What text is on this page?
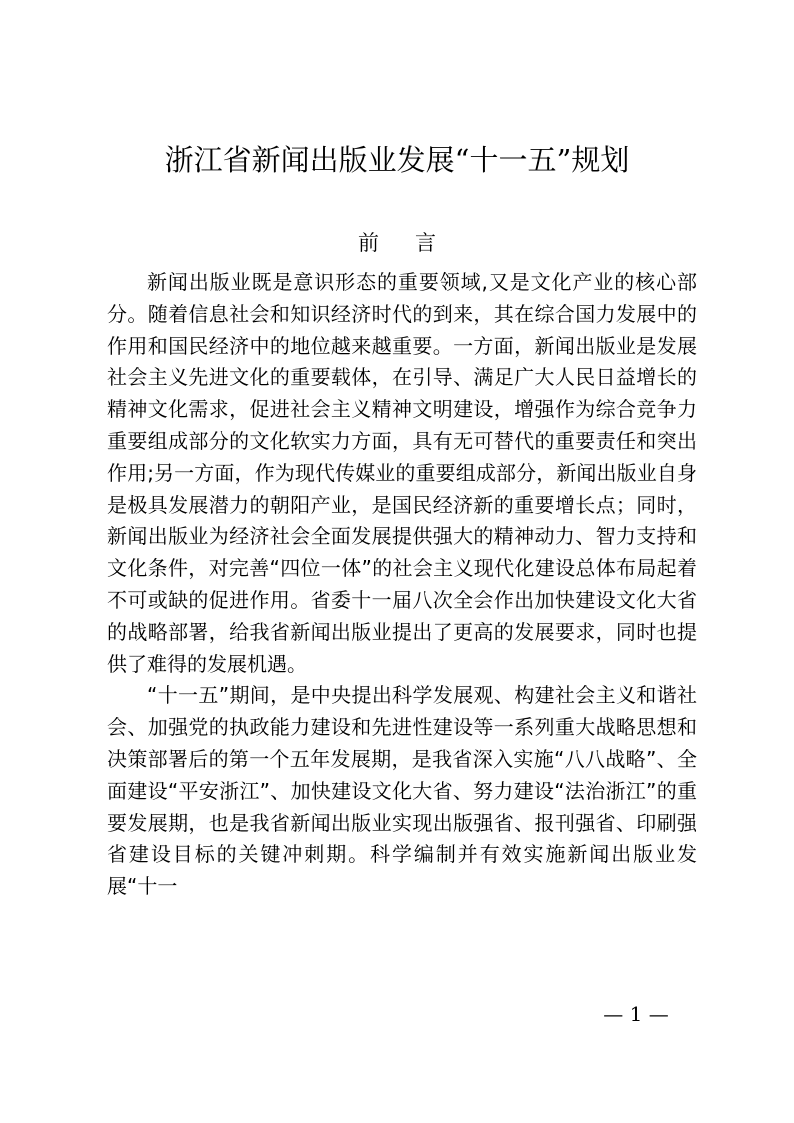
浙江省新闻出版业发展“十一五”规划
前 言

新闻出版业既是意识形态的重要领域,又是文化产业的核心部分。随着信息社会和知识经济时代的到来，其在综合国力发展中的作用和国民经济中的地位越来越重要。一方面，新闻出版业是发展社会主义先进文化的重要载体，在引导、满足广大人民日益增长的精神文化需求，促进社会主义精神文明建设，增强作为综合竞争力重要组成部分的文化软实力方面，具有无可替代的重要责任和突出作用;另一方面，作为现代传媒业的重要组成部分，新闻出版业自身是极具发展潜力的朝阳产业，是国民经济新的重要增长点；同时，新闻出版业为经济社会全面发展提供强大的精神动力、智力支持和文化条件，对完善“四位一体”的社会主义现代化建设总体布局起着不可或缺的促进作用。省委十一届八次全会作出加快建设文化大省的战略部署，给我省新闻出版业提出了更高的发展要求，同时也提供了难得的发展机遇。

“十一五”期间，是中央提出科学发展观、构建社会主义和谐社会、加强党的执政能力建设和先进性建设等一系列重大战略思想和决策部署后的第一个五年发展期，是我省深入实施“八八战略”、全面建设“平安浙江”、加快建设文化大省、努力建设“法治浙江”的重要发展期，也是我省新闻出版业实现出版强省、报刊强省、印刷强省建设目标的关键冲刺期。科学编制并有效实施新闻出版业发展“十一

— 1 —
